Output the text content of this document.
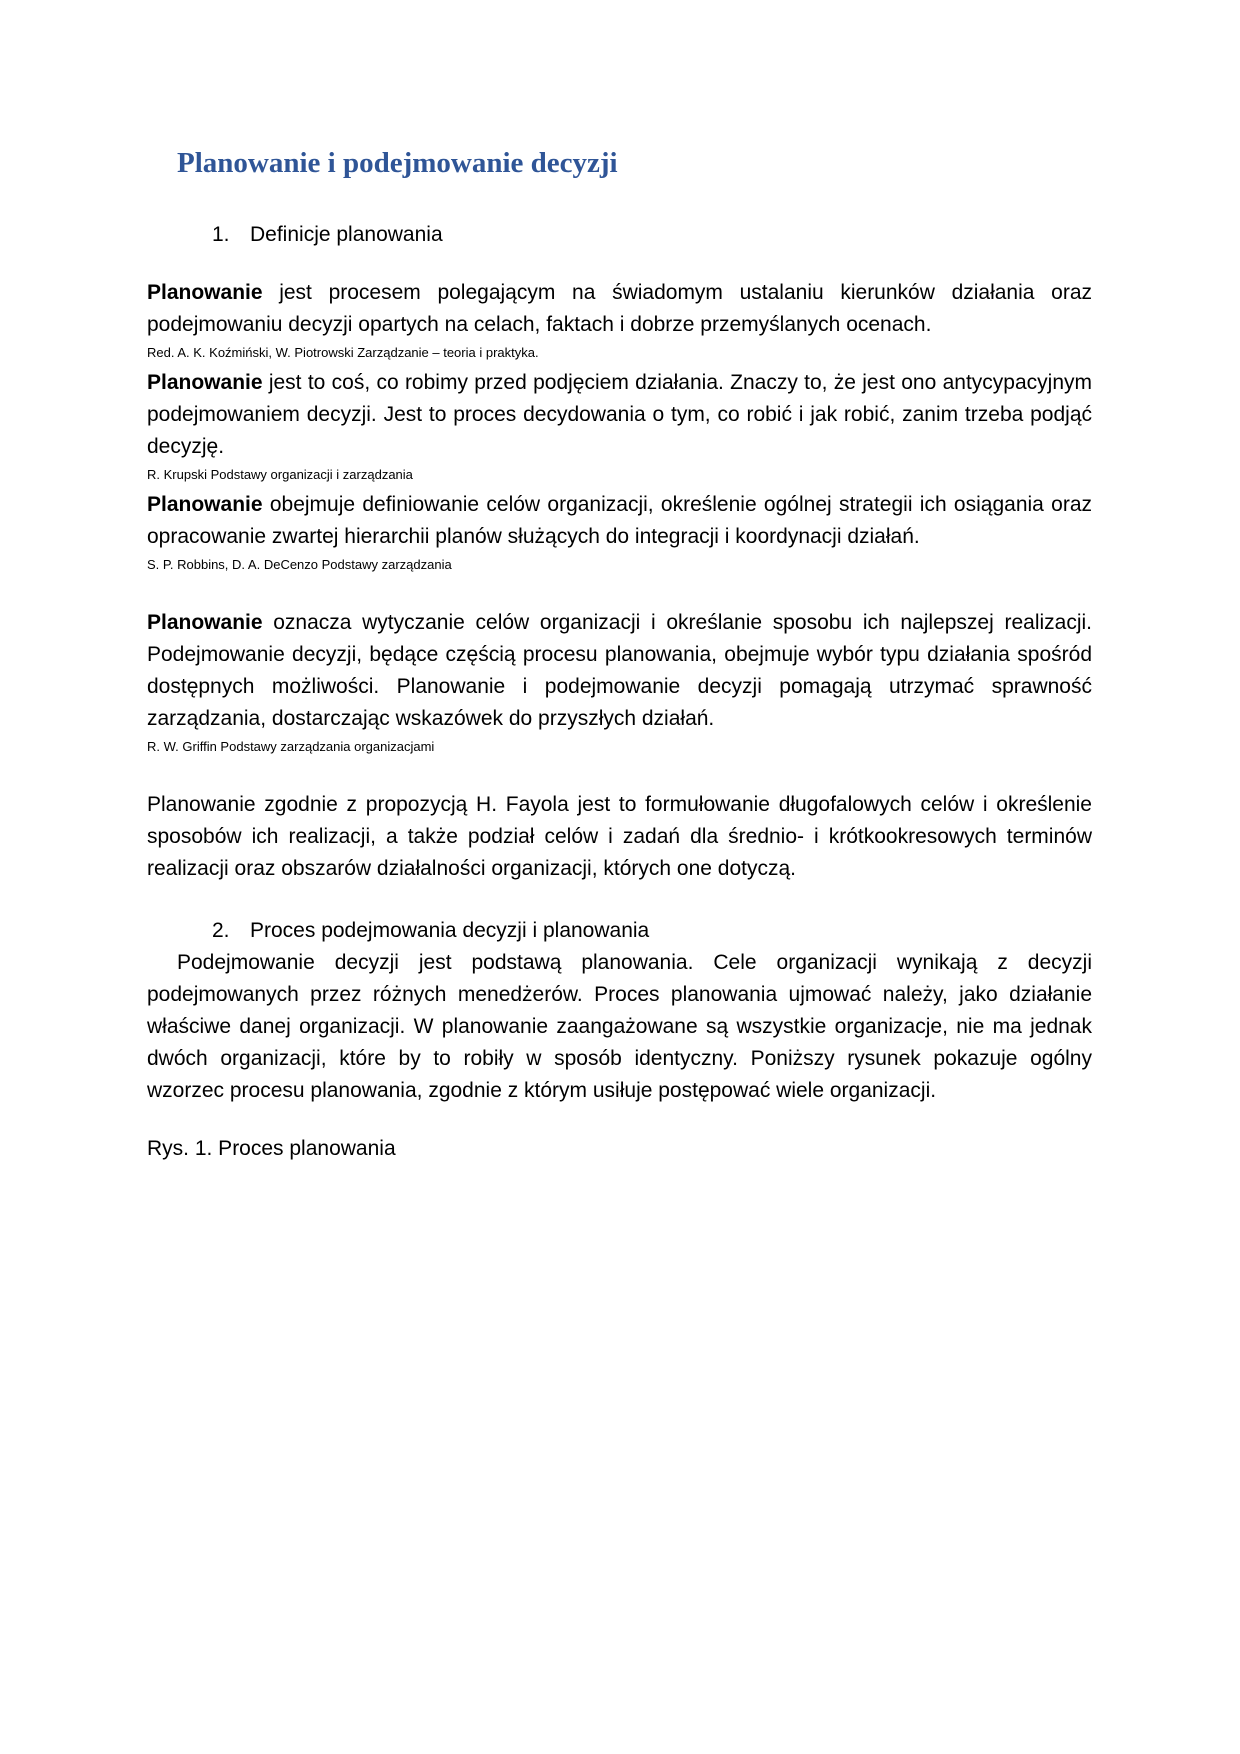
Planowanie i podejmowanie decyzji
1. Definicje planowania

Planowanie jest procesem polegającym na świadomym ustalaniu kierunków działania oraz podejmowaniu decyzji opartych na celach, faktach i dobrze przemyślanych ocenach.

Red. A. K. Koźmiński, W. Piotrowski Zarządzanie – teoria i praktyka.

Planowanie jest to coś, co robimy przed podjęciem działania. Znaczy to, że jest ono antycypacyjnym podejmowaniem decyzji. Jest to proces decydowania o tym, co robić i jak robić, zanim trzeba podjąć decyzję.

R. Krupski Podstawy organizacji i zarządzania

Planowanie obejmuje definiowanie celów organizacji, określenie ogólnej strategii ich osiągania oraz opracowanie zwartej hierarchii planów służących do integracji i koordynacji działań.

S. P. Robbins, D. A. DeCenzo Podstawy zarządzania

Planowanie oznacza wytyczanie celów organizacji i określanie sposobu ich najlepszej realizacji. Podejmowanie decyzji, będące częścią procesu planowania, obejmuje wybór typu działania spośród dostępnych możliwości. Planowanie i podejmowanie decyzji pomagają utrzymać sprawność zarządzania, dostarczając wskazówek do przyszłych działań.

R. W. Griffin Podstawy zarządzania organizacjami

Planowanie zgodnie z propozycją H. Fayola jest to formułowanie długofalowych celów i określenie sposobów ich realizacji, a także podział celów i zadań dla średnio- i krótkookresowych terminów realizacji oraz obszarów działalności organizacji, których one dotyczą.

2. Proces podejmowania decyzji i planowania

Podejmowanie decyzji jest podstawą planowania. Cele organizacji wynikają z decyzji podejmowanych przez różnych menedżerów. Proces planowania ujmować należy, jako działanie właściwe danej organizacji. W planowanie zaangażowane są wszystkie organizacje, nie ma jednak dwóch organizacji, które by to robiły w sposób identyczny. Poniższy rysunek pokazuje ogólny wzorzec procesu planowania, zgodnie z którym usiłuje postępować wiele organizacji.

Rys. 1. Proces planowania
